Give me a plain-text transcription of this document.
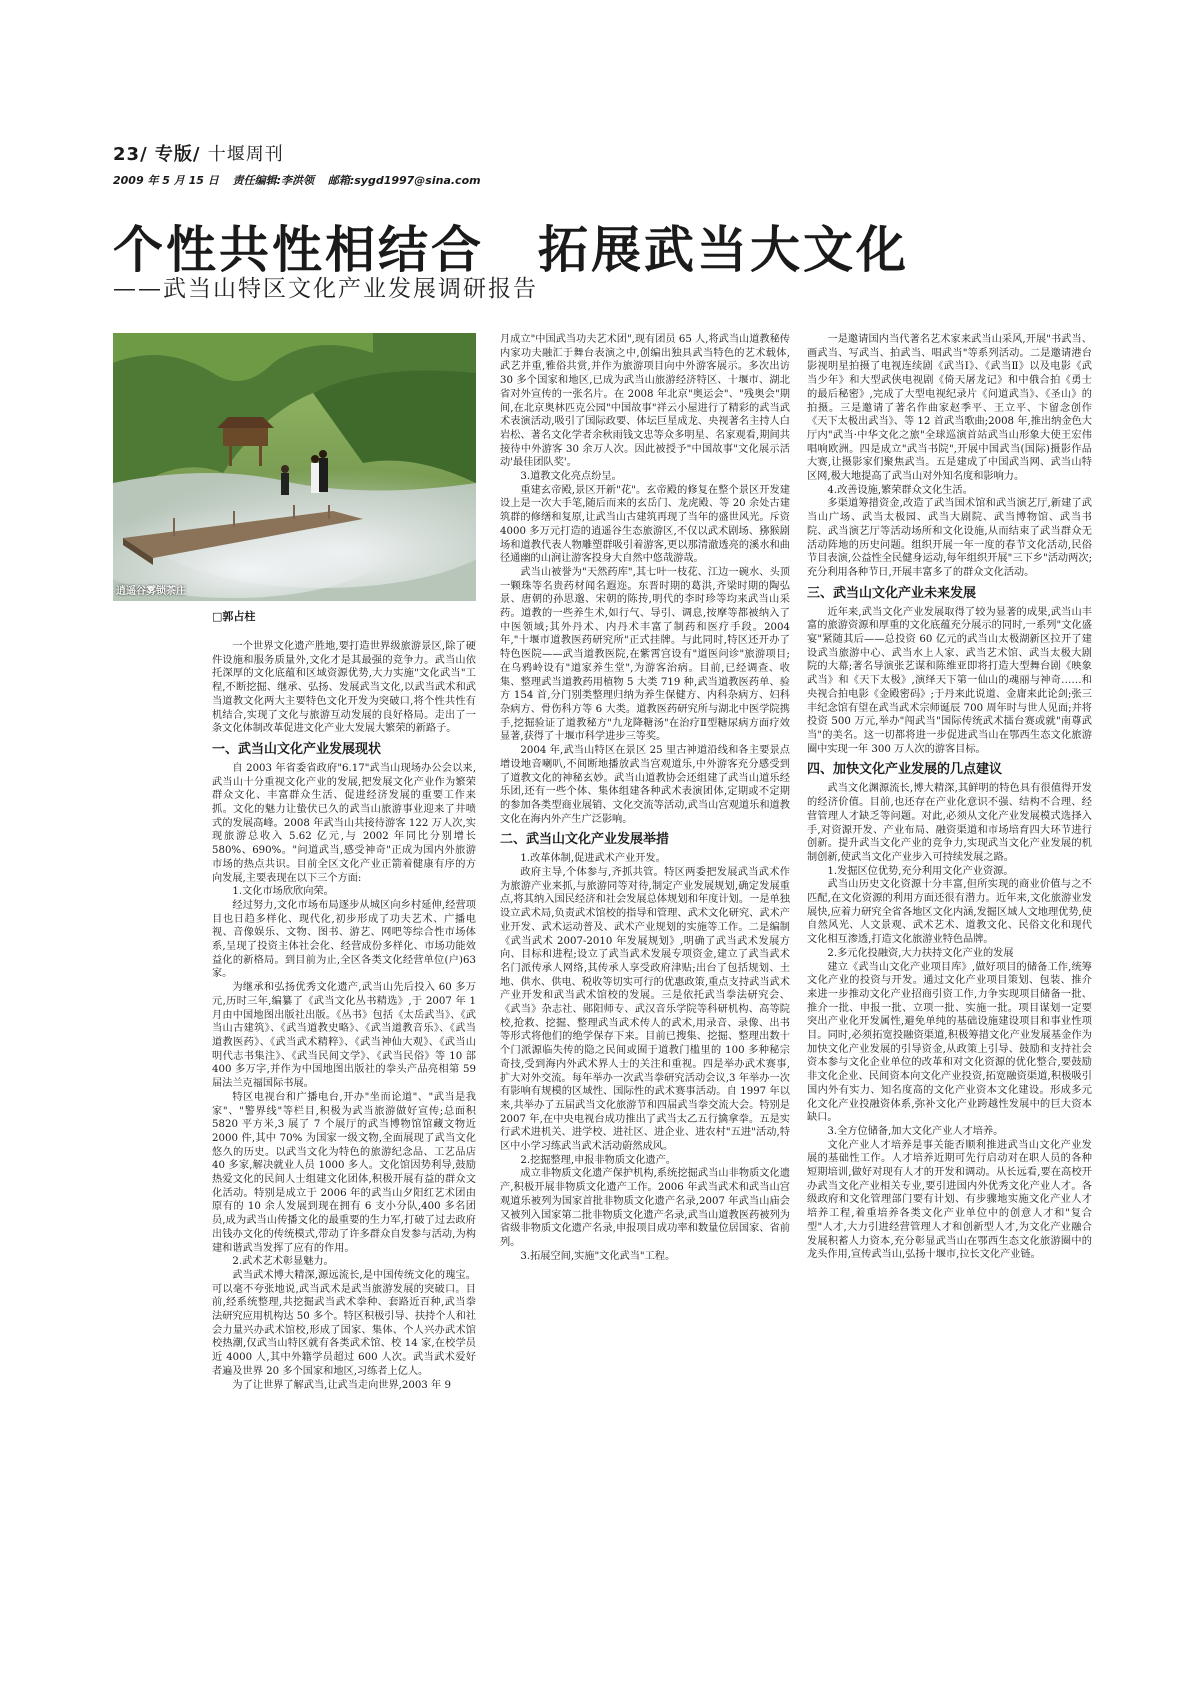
23/ 专版/ 十堰周刊
2009 年 5 月 15 日 责任编辑:李洪领 邮箱:sygd1997@sina.com
个性共性相结合 拓展武当大文化
——武当山特区文化产业发展调研报告
逍遥谷雾锁茶庄
□郭占柱

一个世界文化遗产胜地,要打造世界级旅游景区,除了硬件设施和服务质量外,文化才是其最强的竞争力。武当山依托深厚的文化底蕴和区域资源优势,大力实施"文化武当"工程,不断挖掘、继承、弘扬、发展武当文化,以武当武术和武当道教文化两大主要特色文化开发为突破口,将个性共性有机结合,实现了文化与旅游互动发展的良好格局。走出了一条文化体制改革促进文化产业大发展大繁荣的新路子。

一、武当山文化产业发展现状

自 2003 年省委省政府"6.17"武当山现场办公会以来,武当山十分重视文化产业的发展,把发展文化产业作为繁荣群众文化、丰富群众生活、促进经济发展的重要工作来抓。文化的魅力让蛰伏已久的武当山旅游事业迎来了井喷式的发展高峰。2008 年武当山共接待游客 122 万人次,实现旅游总收入 5.62 亿元,与 2002 年同比分别增长 580%、690%。"问道武当,感受神奇"正成为国内外旅游市场的热点共识。目前全区文化产业正箭着健康有序的方向发展,主要表现在以下三个方面:

1.文化市场欣欣向荣。

经过努力,文化市场布局逐步从城区向乡村延伸,经营项目也日趋多样化、现代化,初步形成了功夫艺术、广播电视、音像娱乐、文物、图书、游艺、网吧等综合性市场体系,呈现了投资主体社会化、经营成份多样化、市场功能效益化的新格局。到目前为止,全区各类文化经营单位(户)63家。

为继承和弘扬优秀文化遗产,武当山先后投入 60 多万元,历时三年,编纂了《武当文化丛书精选》,于 2007 年 1 月由中国地图出版社出版。《丛书》包括《太岳武当》、《武当山古建筑》、《武当道教史略》、《武当道教音乐》、《武当道教医药》、《武当武术精粹》、《武当神仙大观》、《武当山明代志书集注》、《武当民间文学》、《武当民俗》等 10 部 400 多万字,并作为中国地图出版社的拳头产品亮相第 59 届法兰克福国际书展。

特区电视台和广播电台,开办"坐而论道"、"武当是我家"、"警界线"等栏目,积极为武当旅游做好宣传;总面积 5820 平方米,3 展了 7 个展厅的武当博物馆馆藏文物近 2000 件,其中 70% 为国家一级文物,全面展现了武当文化悠久的历史。以武当文化为特色的旅游纪念品、工艺品店 40 多家,解决就业人员 1000 多人。文化馆因势利导,鼓励热爱文化的民间人士组建文化团体,积极开展有益的群众文化活动。特别是成立于 2006 年的武当山夕阳红艺术团由原有的 10 余人发展到现在拥有 6 支小分队,400 多名团员,成为武当山传播文化的最重要的生力军,打破了过去政府出钱办文化的传统模式,带动了许多群众自发参与活动,为构建和谐武当发挥了应有的作用。

2.武术艺术彰显魅力。

武当武术博大精深,源远流长,是中国传统文化的瑰宝。可以毫不夸张地说,武当武术是武当旅游发展的突破口。目前,经系统整理,共挖掘武当武术拳种、套路近百种,武当拳法研究应用机构达 50 多个。特区积极引导、扶持个人和社会力量兴办武术馆校,形成了国家、集体、个人兴办武术馆校热潮,仅武当山特区就有各类武术馆、校 14 家,在校学员近 4000 人,其中外籍学员超过 600 人次。武当武术爱好者遍及世界 20 多个国家和地区,习练者上亿人。

为了让世界了解武当,让武当走向世界,2003 年 9

月成立"中国武当功夫艺术团",现有团员 65 人,将武当山道教秘传内家功夫融汇于舞台表演之中,创编出独具武当特色的艺术载体,武艺并重,雅俗共赏,并作为旅游项目向中外游客展示。多次出访 30 多个国家和地区,已成为武当山旅游经济特区、十堰市、湖北省对外宣传的一张名片。在 2008 年北京"奥运会"、"残奥会"期间,在北京奥林匹克公园"中国故事"祥云小屋进行了精彩的武当武术表演活动,吸引了国际政要、体坛巨星成龙、央视著名主持人白岩松、著名文化学者余秋雨钱文忠等众多明星、名家观看,期间共接待中外游客 30 余万人次。因此被授予"中国故事"文化展示活动'最佳团队奖'。

3.道教文化亮点纷呈。

重建玄帝殿,景区开新"花"。玄帝殿的修复在整个景区开发建设上是一次大手笔,随后而来的玄岳门、龙虎殿、等 20 余处古建筑群的修缮和复原,让武当山古建筑再现了当年的盛世风光。斥资 4000 多万元打造的逍遥谷生态旅游区,不仅以武术剧场、猕猴剧场和道教代表人物雕塑群吸引着游客,更以那清澈透亮的溪水和曲径通幽的山涧让游客投身大自然中悠哉游哉。

武当山被誉为"天然药库",其七叶一枝花、江边一碗水、头顶一颗珠等名贵药材闻名遐迩。东晋时期的葛洪,齐梁时期的陶弘景、唐朝的孙思邈、宋朝的陈抟,明代的李时珍等均来武当山采药。道教的一些养生术,如行气、导引、调息,按摩等都被纳入了中医领域;其外丹术、内丹术丰富了制药和医疗手段。2004 年,"十堰市道教医药研究所"正式挂牌。与此同时,特区还开办了特色医院——武当道教医院,在紫霄宫设有"道医问诊"旅游项目;在乌鸦岭设有"道家养生堂",为游客治病。目前,已经调查、收集、整理武当道教药用植物 5 大类 719 种,武当道教医药单、验方 154 首,分门别类整理归纳为养生保健方、内科杂病方、妇科杂病方、骨伤科方等 6 大类。道教医药研究所与湖北中医学院携手,挖掘验证了道教秘方"九龙降糖汤"在治疗Ⅱ型糖尿病方面疗效显著,获得了十堰市科学进步三等奖。

2004 年,武当山特区在景区 25 里古神道沿线和各主要景点增设地音喇叭,不间断地播放武当宫观道乐,中外游客充分感受到了道教文化的神秘玄妙。武当山道教协会还组建了武当山道乐经乐团,还有一些个体、集体组建各种武术表演团体,定期或不定期的参加各类型商业展销、文化交流等活动,武当山宫观道乐和道教文化在海内外产生广泛影响。

二、武当山文化产业发展举措

1.改革体制,促进武术产业开发。

政府主导,个体参与,齐抓共管。特区两委把发展武当武术作为旅游产业来抓,与旅游同等对待,制定产业发展规划,确定发展重点,将其纳入国民经济和社会发展总体规划和年度计划。一是单独设立武术局,负责武术馆校的指导和管理、武术文化研究、武术产业开发、武术运动普及、武术产业规划的实施等工作。二是编制《武当武术 2007-2010 年发展规划》,明确了武当武术发展方向、目标和进程;设立了武当武术发展专项资金,建立了武当武术名门派传承人网络,其传承人享受政府津贴;出台了包括规划、土地、供水、供电、税收等切实可行的优惠政策,重点支持武当武术产业开发和武当武术馆校的发展。三是依托武当拳法研究会、《武当》杂志社、郧阳师专、武汉音乐学院等科研机构、高等院校,抢救、挖掘、整理武当武术传人的武术,用录音、录像、出书等形式将他们的绝学保存下来。目前已搜集、挖掘、整理出数十个门派源临失传的隐之民间或囿于道教门槛里的 100 多种秘宗奇技,受到海内外武术界人士的关注和重视。四是举办武术赛事,扩大对外交流。每年举办一次武当拳研究活动会议,3 年举办一次有影响有规模的区域性、国际性的武术赛事活动。自 1997 年以来,共举办了五届武当文化旅游节和四届武当拳交流大会。特别是 2007 年,在中央电视台成功推出了武当太乙五行擒拿拳。五是实行武术进机关、进学校、进社区、进企业、进农村"五进"活动,特区中小学习练武当武术活动蔚然成风。

2.挖掘整理,申报非物质文化遗产。

成立非物质文化遗产保护机构,系统挖掘武当山非物质文化遗产,积极开展非物质文化遗产工作。2006 年武当武术和武当山宫观道乐被列为国家首批非物质文化遗产名录,2007 年武当山庙会又被列入国家第二批非物质文化遗产名录,武当山道教医药被列为省级非物质文化遗产名录,申报项目成功率和数量位居国家、省前列。

3.拓展空间,实施"文化武当"工程。

一是邀请国内当代著名艺术家来武当山采风,开展"书武当、画武当、写武当、拍武当、唱武当"等系列活动。二是邀请港台影视明星拍摄了电视连续剧《武当Ⅰ》、《武当Ⅱ》以及电影《武当少年》和大型武侠电视剧《倚天屠龙记》和中俄合拍《勇士的最后秘密》,完成了大型电视纪录片《问道武当》、《圣山》的拍摄。三是邀请了著名作曲家赵季平、王立平、卞留念创作《天下太极出武当》、等 12 首武当歌曲;2008 年,推出纳金色大厅内"武当·中华文化之旅"全球巡演首站武当山形象大使王宏伟唱响欧洲。四是成立"武当书院",开展中国武当(国际)摄影作品大赛,让摄影家们聚焦武当。五是建成了中国武当网、武当山特区网,极大地提高了武当山对外知名度和影响力。

4.改善设施,繁荣群众文化生活。

多渠道筹措资金,改造了武当国术馆和武当演艺厅,新建了武当山广场、武当太极园、武当大剧院、武当博物馆、武当书院、武当演艺厅等活动场所和文化设施,从而结束了武当群众无活动阵地的历史问题。组织开展一年一度的春节文化活动,民俗节目表演,公益性全民健身运动,每年组织开展"三下乡"活动两次;充分利用各种节日,开展丰富多了的群众文化活动。

三、武当山文化产业未来发展

近年来,武当文化产业发展取得了较为显著的成果,武当山丰富的旅游资源和厚重的文化底蕴充分展示的同时,一系列"文化盛宴"紧随其后——总投资 60 亿元的武当山太极湖新区拉开了建设武当旅游中心、武当水上人家、武当艺术馆、武当太极大剧院的大幕;著名导演张艺谋和陈维亚即将打造大型舞台剧《映象武当》和《天下太极》,演绎天下第一仙山的魂丽与神奇……和央视合拍电影《金殿密码》;于丹来此说道、金庸来此论剑;张三丰纪念馆有望在武当武术宗师诞辰 700 周年时与世人见面;并将投资 500 万元,举办"闯武当"国际传统武术擂台赛或就"南尊武当"的美名。这一切都将进一步促进武当山在鄂西生态文化旅游圈中实现一年 300 万人次的游客目标。

四、加快文化产业发展的几点建议

武当文化渊源流长,博大精深,其鲜明的特色具有很值得开发的经济价值。目前,也还存在产业化意识不强、结构不合理、经营管理人才缺乏等问题。对此,必须从文化产业发展模式选择入手,对资源开发、产业布局、融资渠道和市场培育四大环节进行创新。提升武当文化产业的竞争力,实现武当文化产业发展的机制创新,使武当文化产业步入可持续发展之路。

1.发掘区位优势,充分利用文化产业资源。

武当山历史文化资源十分丰富,但所实现的商业价值与之不匹配,在文化资源的利用方面还很有潜力。近年来,文化旅游业发展快,应着力研究全省各地区文化内涵,发掘区域人文地理优势,使自然风光、人文景观、武术艺术、道教文化、民俗文化和现代文化相互渗透,打造文化旅游业特色品牌。

2.多元化投融资,大力扶持文化产业的发展

建立《武当山文化产业项目库》,做好项目的储备工作,统筹文化产业的投资与开发。通过文化产业项目策划、包装、推介来进一步推动文化产业招商引资工作,力争实现项目储备一批、推介一批、申报一批、立项一批、实施一批。项目谋划一定要突出产业化开发属性,避免单纯的基础设施建设项目和事业性项目。同时,必须拓宽投融资渠道,积极筹措文化产业发展基金作为加快文化产业发展的引导资金,从政策上引导、鼓励和支持社会资本参与文化企业单位的改革和对文化资源的优化整合,要鼓励非文化企业、民间资本向文化产业投资,拓宽融资渠道,积极吸引国内外有实力、知名度高的文化产业资本文化建设。形成多元化文化产业投融资体系,弥补文化产业跨越性发展中的巨大资本缺口。

3.全方位储备,加大文化产业人才培养。

文化产业人才培养是事关能否顺利推进武当山文化产业发展的基础性工作。人才培养近期可先行启动对在职人员的各种短期培训,做好对现有人才的开发和调动。从长远看,要在高校开办武当文化产业相关专业,要引进国内外优秀文化产业人才。各级政府和文化管理部门要有计划、有步骤地实施文化产业人才培养工程,着重培养各类文化产业单位中的创意人才和"复合型"人才,大力引进经营管理人才和创新型人才,为文化产业融合发展积蓄人力资本,充分彰显武当山在鄂西生态文化旅游圈中的龙头作用,宣传武当山,弘扬十堰市,拉长文化产业链。
